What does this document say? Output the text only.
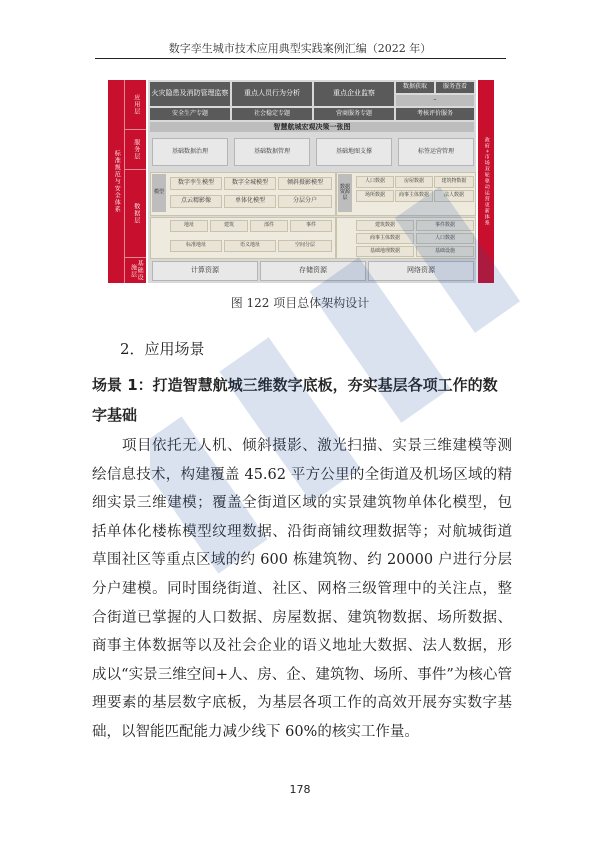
数字孪生城市技术应用典型实践案例汇编（2022 年）
标准规范与安全体系
应用层
服务层
数据层
基础设施层
火灾隐患及消防管理监察	重点人员行为分析	重点企业监察
数据获取	服务查看
–
安全生产专题	社会稳定专题	营商服务专题	考核评价服务
智慧航城宏观决策一张图
基础数据治理	基础数据管理	基础地图支撑	标签运营管理
模型
数字孪生模型	数字全城模型	倾斜摄影模型
点云精影像	单体化模型	分层分户
数据资源层
人口数据	房屋数据	建筑物数据
场所数据	商事主体数据	法人数据
地址	建筑	部件	事件
标准地址	语义地址	空间分层
建筑数据	事件数据
商事主体数据	人口数据
基础地理数据	基础设施
计算资源	存储资源	网络资源
政府+市场双轮驱动运营更新体系
图 122 项目总体架构设计
2．应用场景
场景 1：打造智慧航城三维数字底板，夯实基层各项工作的数字基础
项目依托无人机、倾斜摄影、激光扫描、实景三维建模等测绘信息技术，构建覆盖 45.62 平方公里的全街道及机场区域的精细实景三维建模；覆盖全街道区域的实景建筑物单体化模型，包括单体化楼栋模型纹理数据、沿街商铺纹理数据等；对航城街道草围社区等重点区域的约 600 栋建筑物、约 20000 户进行分层分户建模。同时围绕街道、社区、网格三级管理中的关注点，整合街道已掌握的人口数据、房屋数据、建筑物数据、场所数据、商事主体数据等以及社会企业的语义地址大数据、法人数据，形成以“实景三维空间+人、房、企、建筑物、场所、事件”为核心管理要素的基层数字底板，为基层各项工作的高效开展夯实数字基础，以智能匹配能力减少线下 60%的核实工作量。
178
